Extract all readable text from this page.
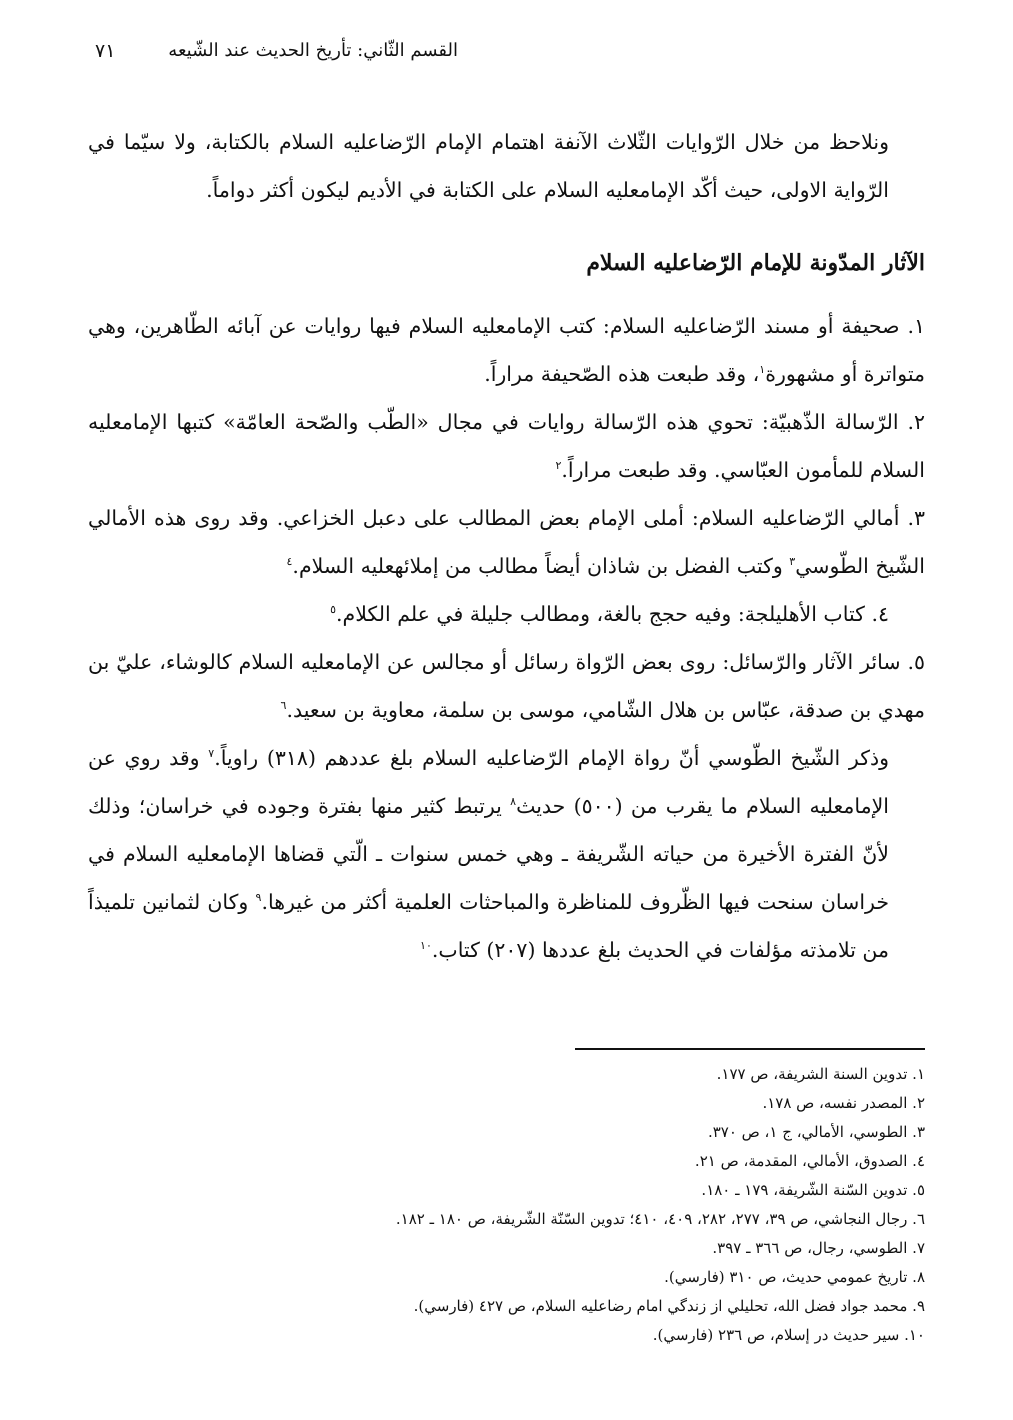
القسم الثّاني: تأريخ الحديث عند الشّيعه
٧١

ونلاحظ من خلال الرّوايات الثّلاث الآنفة اهتمام الإمام الرّضاعليه السلام بالكتابة، ولا سيّما في الرّواية الاولى، حيث أكّد الإمامعليه السلام على الكتابة في الأديم ليكون أكثر دواماً.

الآثار المدّونة للإمام الرّضاعليه السلام

١. صحيفة أو مسند الرّضاعليه السلام: كتب الإمامعليه السلام فيها روايات عن آبائه الطّاهرين، وهي متواترة أو مشهورة$^١$، وقد طبعت هذه الصّحيفة مراراً.

٢. الرّسالة الذّهبيّة: تحوي هذه الرّسالة روايات في مجال «الطّب والصّحة العامّة» كتبها الإمامعليه السلام للمأمون العبّاسي. وقد طبعت مراراً.$^٢$

٣. أمالي الرّضاعليه السلام: أملى الإمام بعض المطالب على دعبل الخزاعي. وقد روى هذه الأمالي الشّيخ الطّوسي$^٣$ وكتب الفضل بن شاذان أيضاً مطالب من إملائهعليه السلام.$^٤$

٤. كتاب الأهليلجة: وفيه حجج بالغة، ومطالب جليلة في علم الكلام.$^٥$

٥. سائر الآثار والرّسائل: روى بعض الرّواة رسائل أو مجالس عن الإمامعليه السلام كالوشاء، عليّ بن مهدي بن صدقة، عبّاس بن هلال الشّامي، موسى بن سلمة، معاوية بن سعيد.$^٦$

وذكر الشّيخ الطّوسي أنّ رواة الإمام الرّضاعليه السلام بلغ عددهم (٣١٨) راوياً.$^٧$ وقد روي عن الإمامعليه السلام ما يقرب من (٥٠٠) حديث$^٨$ يرتبط كثير منها بفترة وجوده في خراسان؛ وذلك لأنّ الفترة الأخيرة من حياته الشّريفة ـ وهي خمس سنوات ـ الّتي قضاها الإمامعليه السلام في خراسان سنحت فيها الظّروف للمناظرة والمباحثات العلمية أكثر من غيرها.$^٩$ وكان لثمانين تلميذاً من تلامذته مؤلفات في الحديث بلغ عددها (٢٠٧) كتاب.$^{١٠}$

١. تدوين السنة الشريفة، ص ١٧٧.
٢. المصدر نفسه، ص ١٧٨.
٣. الطوسي، الأمالي، ج ١، ص ٣٧٠.
٤. الصدوق، الأمالي، المقدمة، ص ٢١.
٥. تدوين السّنة الشّريفة، ١٧٩ ـ ١٨٠.
٦. رجال النجاشي، ص ٣٩، ٢٧٧، ٢٨٢، ٤٠٩، ٤١٠؛ تدوين السّنّة الشّريفة، ص ١٨٠ ـ ١٨٢.
٧. الطوسي، رجال، ص ٣٦٦ ـ ٣٩٧.
٨. تاريخ عمومي حديث، ص ٣١٠ (فارسي).
٩. محمد جواد فضل الله، تحليلي از زندگي امام رضاعليه السلام، ص ٤٢٧ (فارسي).
١٠. سير حديث در إسلام، ص ٢٣٦ (فارسي).
